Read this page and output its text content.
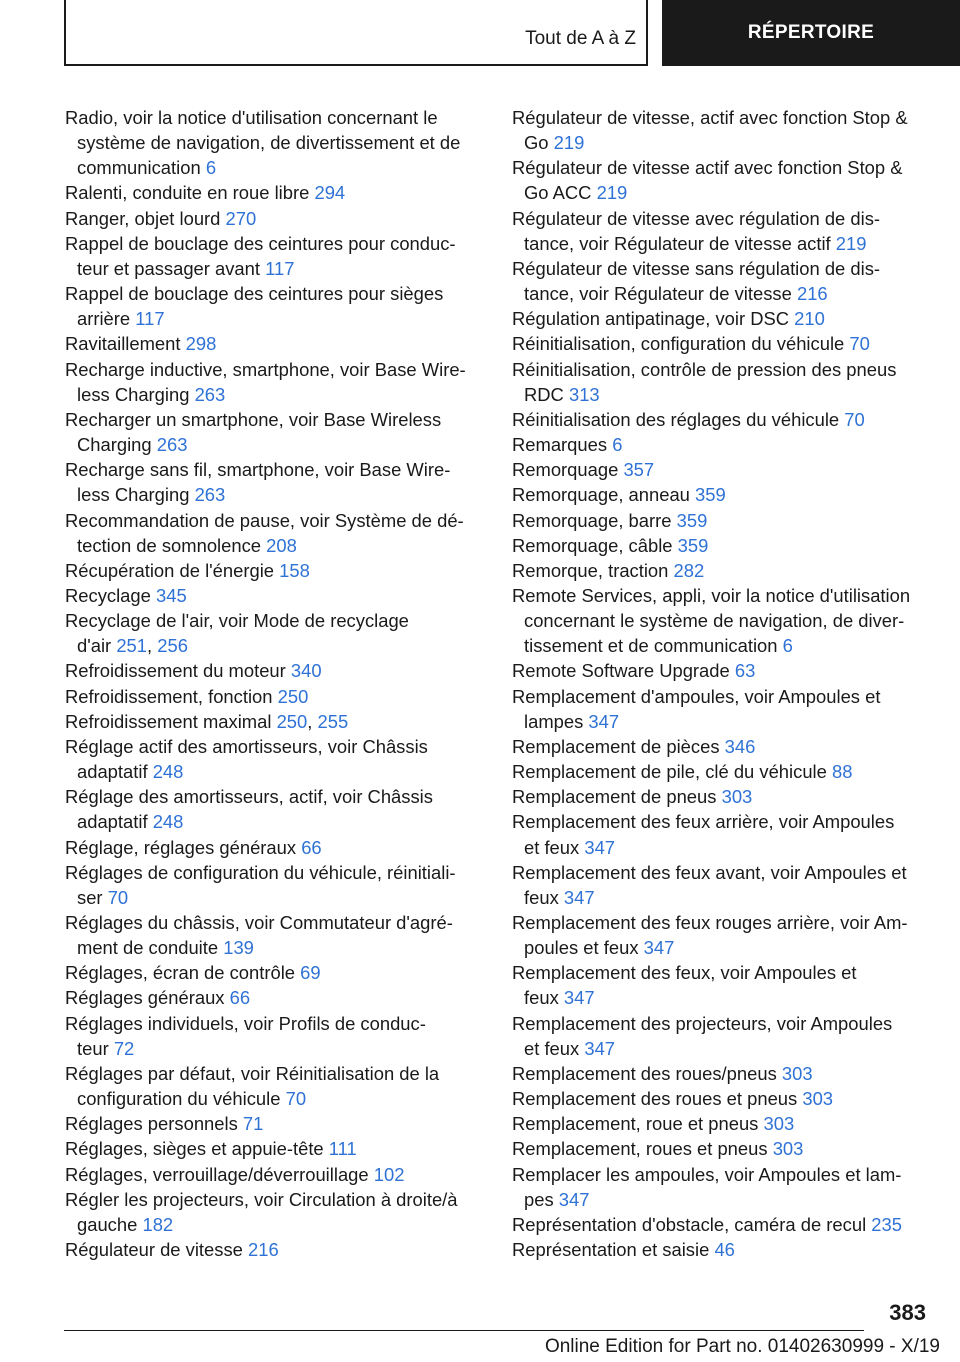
Tout de A à Z	RÉPERTOIRE
Radio, voir la notice d'utilisation concernant le
système de navigation, de divertissement et de
communication 6
Ralenti, conduite en roue libre 294
Ranger, objet lourd 270
Rappel de bouclage des ceintures pour conduc-
teur et passager avant 117
Rappel de bouclage des ceintures pour sièges
arrière 117
Ravitaillement 298
Recharge inductive, smartphone, voir Base Wire-
less Charging 263
Recharger un smartphone, voir Base Wireless
Charging 263
Recharge sans fil, smartphone, voir Base Wire-
less Charging 263
Recommandation de pause, voir Système de dé-
tection de somnolence 208
Récupération de l'énergie 158
Recyclage 345
Recyclage de l'air, voir Mode de recyclage
d'air 251, 256
Refroidissement du moteur 340
Refroidissement, fonction 250
Refroidissement maximal 250, 255
Réglage actif des amortisseurs, voir Châssis
adaptatif 248
Réglage des amortisseurs, actif, voir Châssis
adaptatif 248
Réglage, réglages généraux 66
Réglages de configuration du véhicule, réinitiali-
ser 70
Réglages du châssis, voir Commutateur d'agré-
ment de conduite 139
Réglages, écran de contrôle 69
Réglages généraux 66
Réglages individuels, voir Profils de conduc-
teur 72
Réglages par défaut, voir Réinitialisation de la
configuration du véhicule 70
Réglages personnels 71
Réglages, sièges et appuie-tête 111
Réglages, verrouillage/déverrouillage 102
Régler les projecteurs, voir Circulation à droite/à
gauche 182
Régulateur de vitesse 216
Régulateur de vitesse, actif avec fonction Stop &
Go 219
Régulateur de vitesse actif avec fonction Stop &
Go ACC 219
Régulateur de vitesse avec régulation de dis-
tance, voir Régulateur de vitesse actif 219
Régulateur de vitesse sans régulation de dis-
tance, voir Régulateur de vitesse 216
Régulation antipatinage, voir DSC 210
Réinitialisation, configuration du véhicule 70
Réinitialisation, contrôle de pression des pneus
RDC 313
Réinitialisation des réglages du véhicule 70
Remarques 6
Remorquage 357
Remorquage, anneau 359
Remorquage, barre 359
Remorquage, câble 359
Remorque, traction 282
Remote Services, appli, voir la notice d'utilisation
concernant le système de navigation, de diver-
tissement et de communication 6
Remote Software Upgrade 63
Remplacement d'ampoules, voir Ampoules et
lampes 347
Remplacement de pièces 346
Remplacement de pile, clé du véhicule 88
Remplacement de pneus 303
Remplacement des feux arrière, voir Ampoules
et feux 347
Remplacement des feux avant, voir Ampoules et
feux 347
Remplacement des feux rouges arrière, voir Am-
poules et feux 347
Remplacement des feux, voir Ampoules et
feux 347
Remplacement des projecteurs, voir Ampoules
et feux 347
Remplacement des roues/pneus 303
Remplacement des roues et pneus 303
Remplacement, roue et pneus 303
Remplacement, roues et pneus 303
Remplacer les ampoules, voir Ampoules et lam-
pes 347
Représentation d'obstacle, caméra de recul 235
Représentation et saisie 46
383
Online Edition for Part no. 01402630999 - X/19
